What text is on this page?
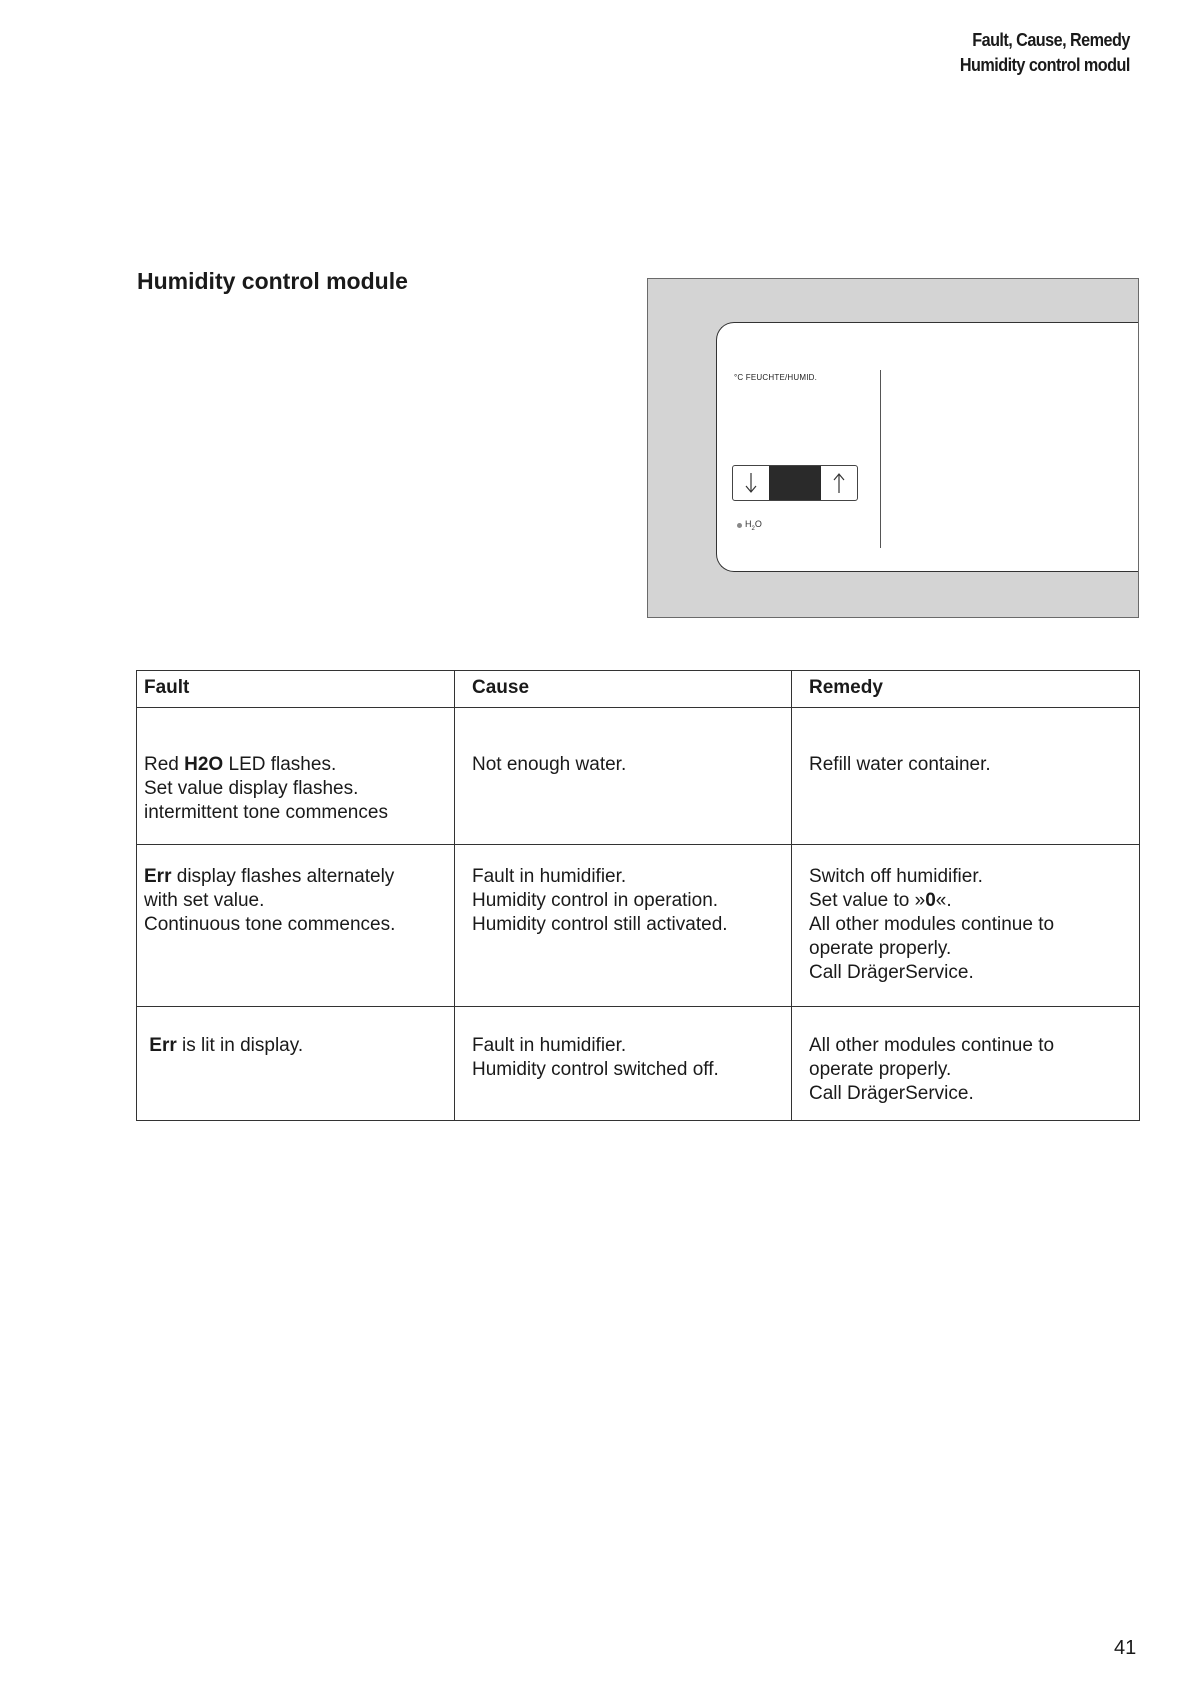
Fault, Cause, Remedy
Humidity control modul
Humidity control module
°C FEUCHTE/HUMID.
$H_2O$
Fault	Cause	Remedy

Red H2O LED flashes.
Set value display flashes.
intermittent tone commences	Not enough water.	Refill water container.

Err display flashes alternately
with set value.
Continuous tone commences.	Fault in humidifier.
Humidity control in operation.
Humidity control still activated.	Switch off humidifier.
Set value to »0«.
All other modules continue to
operate properly.
Call DrägerService.

Err is lit in display.	Fault in humidifier.
Humidity control switched off.	All other modules continue to
operate properly.
Call DrägerService.
41
